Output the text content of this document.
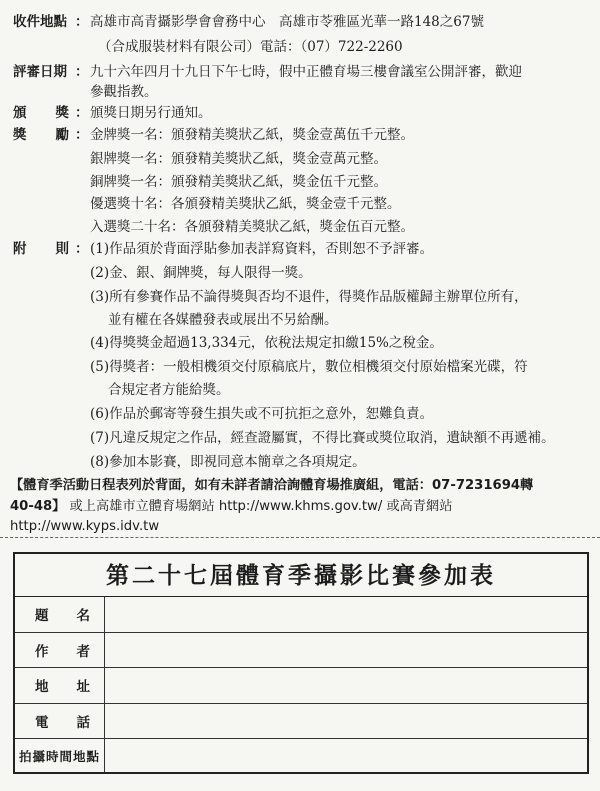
收件地點 ： 高雄市高青攝影學會會務中心　高雄市苓雅區光華一路148之67號
（合成服裝材料有限公司）電話：（07）722-2260
評審日期 ： 九十六年四月十九日下午七時，假中正體育場三樓會議室公開評審，歡迎
參觀指教。
頒 獎 ： 頒獎日期另行通知。
獎 勵 ： 金牌獎一名：頒發精美獎狀乙紙，獎金壹萬伍千元整。
銀牌獎一名：頒發精美獎狀乙紙，獎金壹萬元整。
銅牌獎一名：頒發精美獎狀乙紙，獎金伍千元整。
優選獎十名：各頒發精美獎狀乙紙，獎金壹千元整。
入選獎二十名：各頒發精美獎狀乙紙，獎金伍百元整。
附 則 ： (1)作品須於背面浮貼參加表詳寫資料，否則恕不予評審。
(2)金、銀、銅牌獎，每人限得一獎。
(3)所有參賽作品不論得獎與否均不退件，得獎作品版權歸主辦單位所有，
並有權在各媒體發表或展出不另給酬。
(4)得獎獎金超過13,334元，依稅法規定扣繳15%之稅金。
(5)得獎者：一般相機須交付原稿底片，數位相機須交付原始檔案光碟，符
合規定者方能給獎。
(6)作品於郵寄等發生損失或不可抗拒之意外，恕難負責。
(7)凡違反規定之作品，經查證屬實，不得比賽或獎位取消，遺缺額不再遞補。
(8)參加本影賽，即視同意本簡章之各項規定。
【體育季活動日程表列於背面，如有未詳者請洽詢體育場推廣組，電話：07-7231694轉
40-48】 或上高雄市立體育場網站 http://www.khms.gov.tw/ 或高青網站
http://www.kyps.idv.tw
第二十七屆體育季攝影比賽參加表
題 名
作 者
地 址
電 話
拍攝時間地點
